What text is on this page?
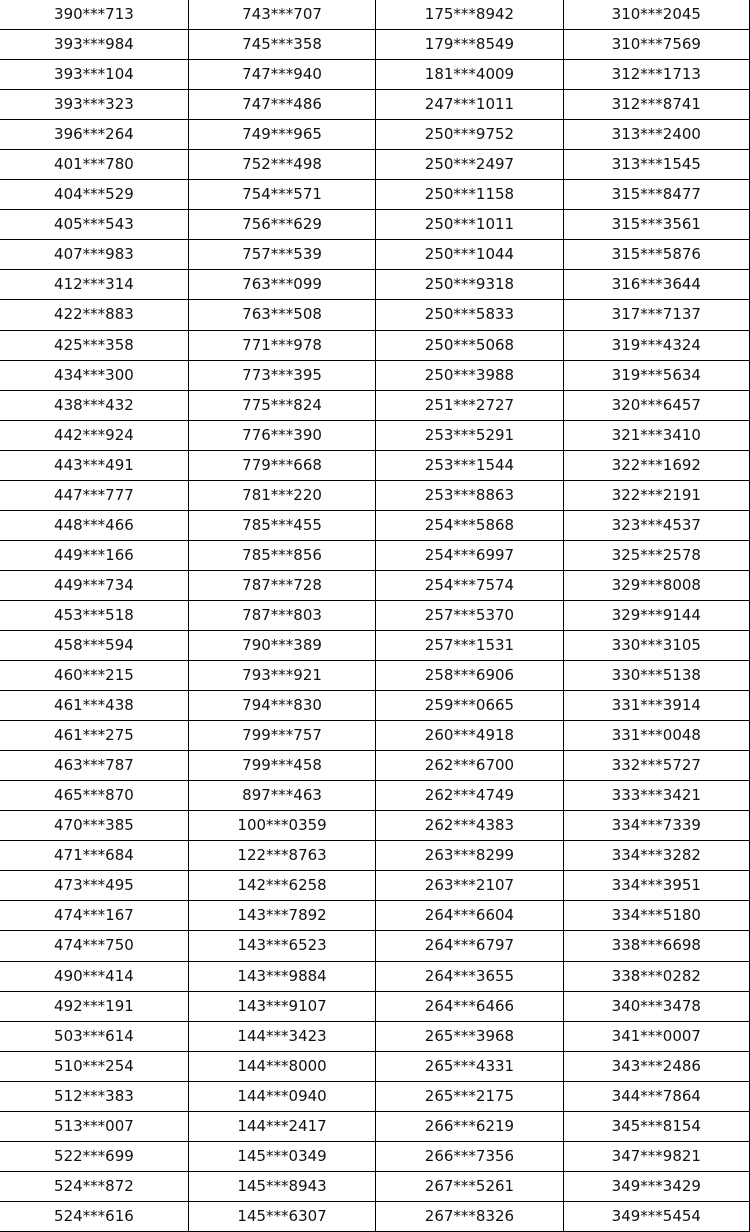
390***713	743***707	175***8942	310***2045
393***984	745***358	179***8549	310***7569
393***104	747***940	181***4009	312***1713
393***323	747***486	247***1011	312***8741
396***264	749***965	250***9752	313***2400
401***780	752***498	250***2497	313***1545
404***529	754***571	250***1158	315***8477
405***543	756***629	250***1011	315***3561
407***983	757***539	250***1044	315***5876
412***314	763***099	250***9318	316***3644
422***883	763***508	250***5833	317***7137
425***358	771***978	250***5068	319***4324
434***300	773***395	250***3988	319***5634
438***432	775***824	251***2727	320***6457
442***924	776***390	253***5291	321***3410
443***491	779***668	253***1544	322***1692
447***777	781***220	253***8863	322***2191
448***466	785***455	254***5868	323***4537
449***166	785***856	254***6997	325***2578
449***734	787***728	254***7574	329***8008
453***518	787***803	257***5370	329***9144
458***594	790***389	257***1531	330***3105
460***215	793***921	258***6906	330***5138
461***438	794***830	259***0665	331***3914
461***275	799***757	260***4918	331***0048
463***787	799***458	262***6700	332***5727
465***870	897***463	262***4749	333***3421
470***385	100***0359	262***4383	334***7339
471***684	122***8763	263***8299	334***3282
473***495	142***6258	263***2107	334***3951
474***167	143***7892	264***6604	334***5180
474***750	143***6523	264***6797	338***6698
490***414	143***9884	264***3655	338***0282
492***191	143***9107	264***6466	340***3478
503***614	144***3423	265***3968	341***0007
510***254	144***8000	265***4331	343***2486
512***383	144***0940	265***2175	344***7864
513***007	144***2417	266***6219	345***8154
522***699	145***0349	266***7356	347***9821
524***872	145***8943	267***5261	349***3429
524***616	145***6307	267***8326	349***5454
